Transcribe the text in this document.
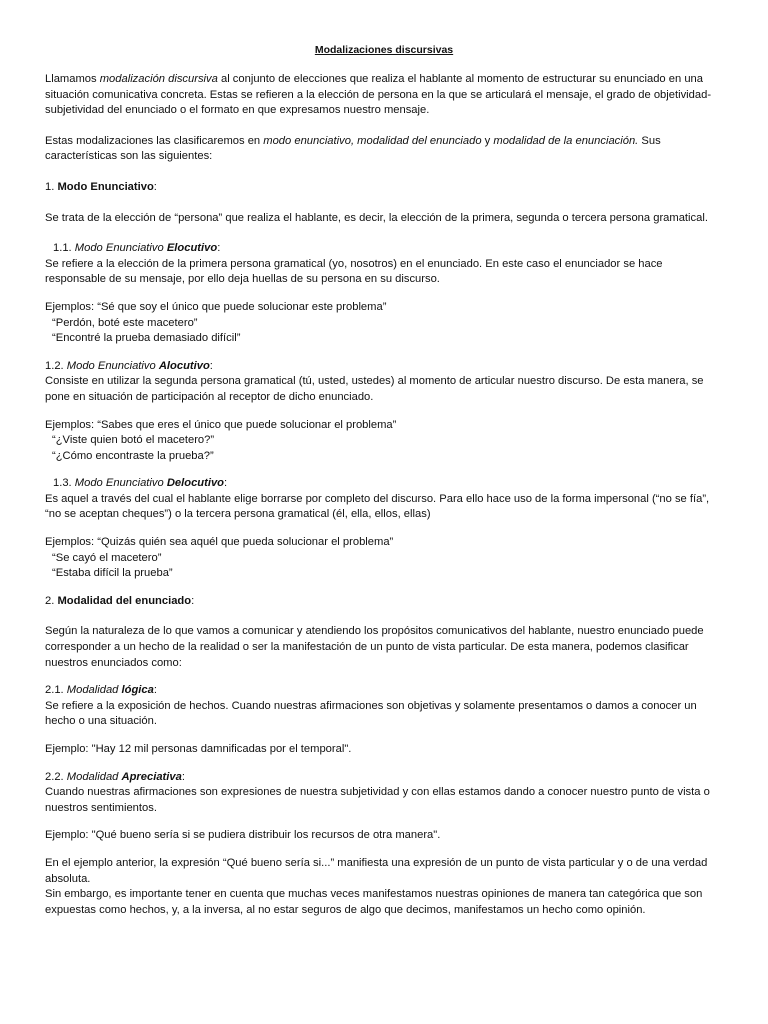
Modalizaciones discursivas

Llamamos modalización discursiva al conjunto de elecciones que realiza el hablante al momento de estructurar su enunciado en una situación comunicativa concreta. Estas se refieren a la elección de persona en la que se articulará el mensaje, el grado de objetividad-subjetividad del enunciado o el formato en que expresamos nuestro mensaje.

Estas modalizaciones las clasificaremos en modo enunciativo, modalidad del enunciado y modalidad de la enunciación. Sus características son las siguientes:

1. Modo Enunciativo:

Se trata de la elección de “persona” que realiza el hablante, es decir, la elección de la primera, segunda o tercera persona gramatical.

1.1. Modo Enunciativo Elocutivo:

Se refiere a la elección de la primera persona gramatical (yo, nosotros) en el enunciado. En este caso el enunciador se hace responsable de su mensaje, por ello deja huellas de su persona en su discurso.

Ejemplos: “Sé que soy el único que puede solucionar este problema”

“Perdón, boté este macetero”

“Encontré la prueba demasiado difícil”

1.2. Modo Enunciativo Alocutivo:

Consiste en utilizar la segunda persona gramatical (tú, usted, ustedes) al momento de articular nuestro discurso. De esta manera, se pone en situación de participación al receptor de dicho enunciado.

Ejemplos: “Sabes que eres el único que puede solucionar el problema”

“¿Viste quien botó el macetero?”

“¿Cómo encontraste la prueba?”

1.3. Modo Enunciativo Delocutivo:

Es aquel a través del cual el hablante elige borrarse por completo del discurso. Para ello hace uso de la forma impersonal (“no se fía”, “no se aceptan cheques”) o la tercera persona gramatical (él, ella, ellos, ellas)

Ejemplos: “Quizás quién sea aquél que pueda solucionar el problema”

“Se cayó el macetero”

“Estaba difícil la prueba”

2. Modalidad del enunciado:

Según la naturaleza de lo que vamos a comunicar y atendiendo los propósitos comunicativos del hablante, nuestro enunciado puede corresponder a un hecho de la realidad o ser la manifestación de un punto de vista particular. De esta manera, podemos clasificar nuestros enunciados como:

2.1. Modalidad lógica:

Se refiere a la exposición de hechos. Cuando nuestras afirmaciones son objetivas y solamente presentamos o damos a conocer un hecho o una situación.

Ejemplo: "Hay 12 mil personas damnificadas por el temporal".

2.2. Modalidad Apreciativa:

Cuando nuestras afirmaciones son expresiones de nuestra subjetividad y con ellas estamos dando a conocer nuestro punto de vista o nuestros sentimientos.

Ejemplo: "Qué bueno sería si se pudiera distribuir los recursos de otra manera".

En el ejemplo anterior, la expresión “Qué bueno sería si...” manifiesta una expresión de un punto de vista particular y o de una verdad absoluta.

Sin embargo, es importante tener en cuenta que muchas veces manifestamos nuestras opiniones de manera tan categórica que son expuestas como hechos, y, a la inversa, al no estar seguros de algo que decimos, manifestamos un hecho como opinión.
